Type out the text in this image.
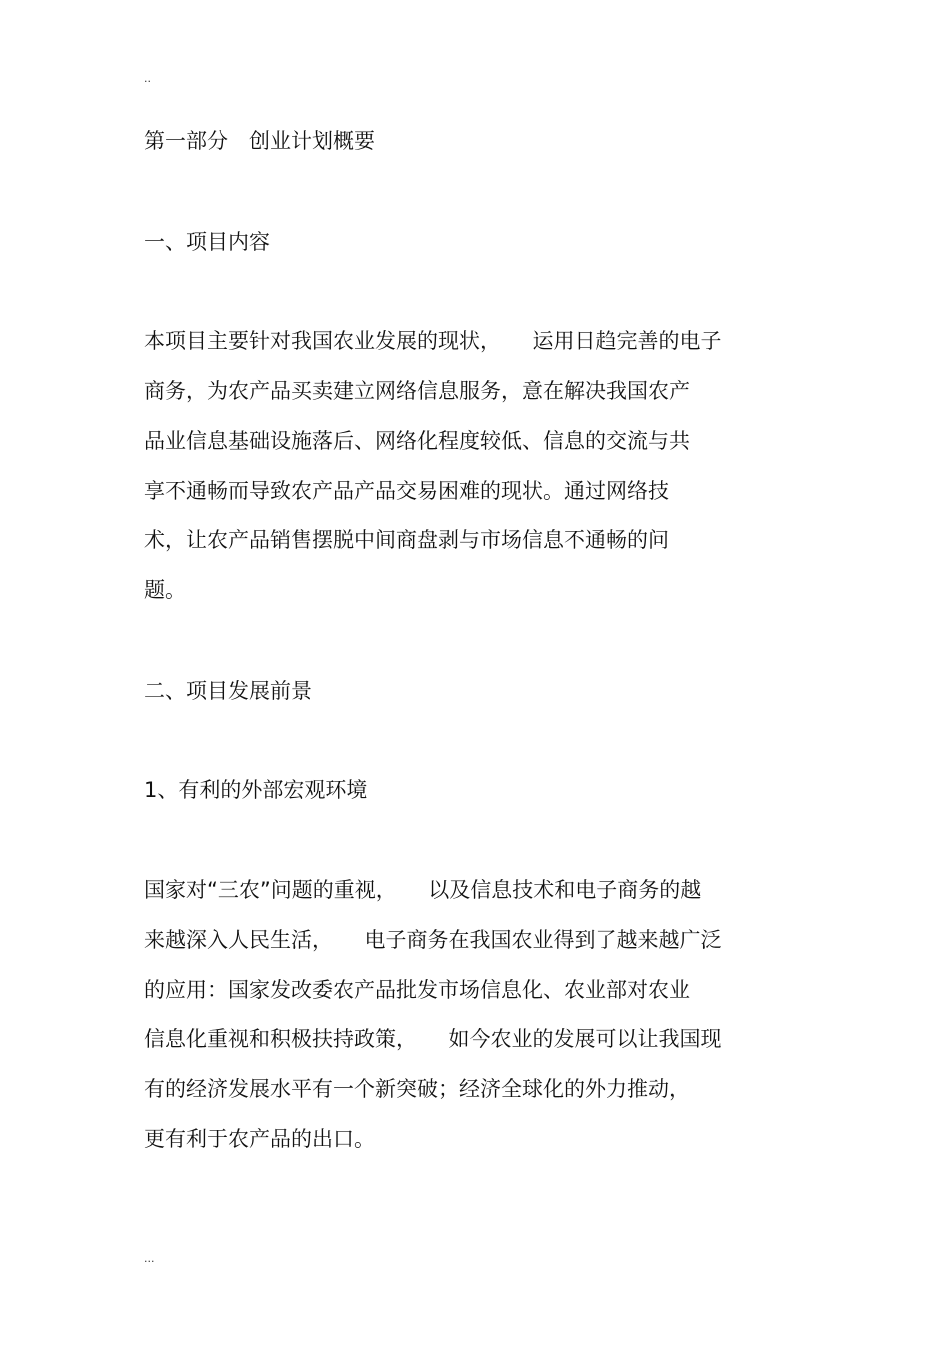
..
第一部分　创业计划概要
一、项目内容
本项目主要针对我国农业发展的现状，　　运用日趋完善的电子
商务，为农产品买卖建立网络信息服务，意在解决我国农产
品业信息基础设施落后、网络化程度较低、信息的交流与共
享不通畅而导致农产品产品交易困难的现状。通过网络技
术，让农产品销售摆脱中间商盘剥与市场信息不通畅的问
题。
二、项目发展前景
1、有利的外部宏观环境
国家对“三农”问题的重视，　　以及信息技术和电子商务的越
来越深入人民生活，　　电子商务在我国农业得到了越来越广泛
的应用：国家发改委农产品批发市场信息化、农业部对农业
信息化重视和积极扶持政策，　　如今农业的发展可以让我国现
有的经济发展水平有一个新突破；经济全球化的外力推动，
更有利于农产品的出口。
...
